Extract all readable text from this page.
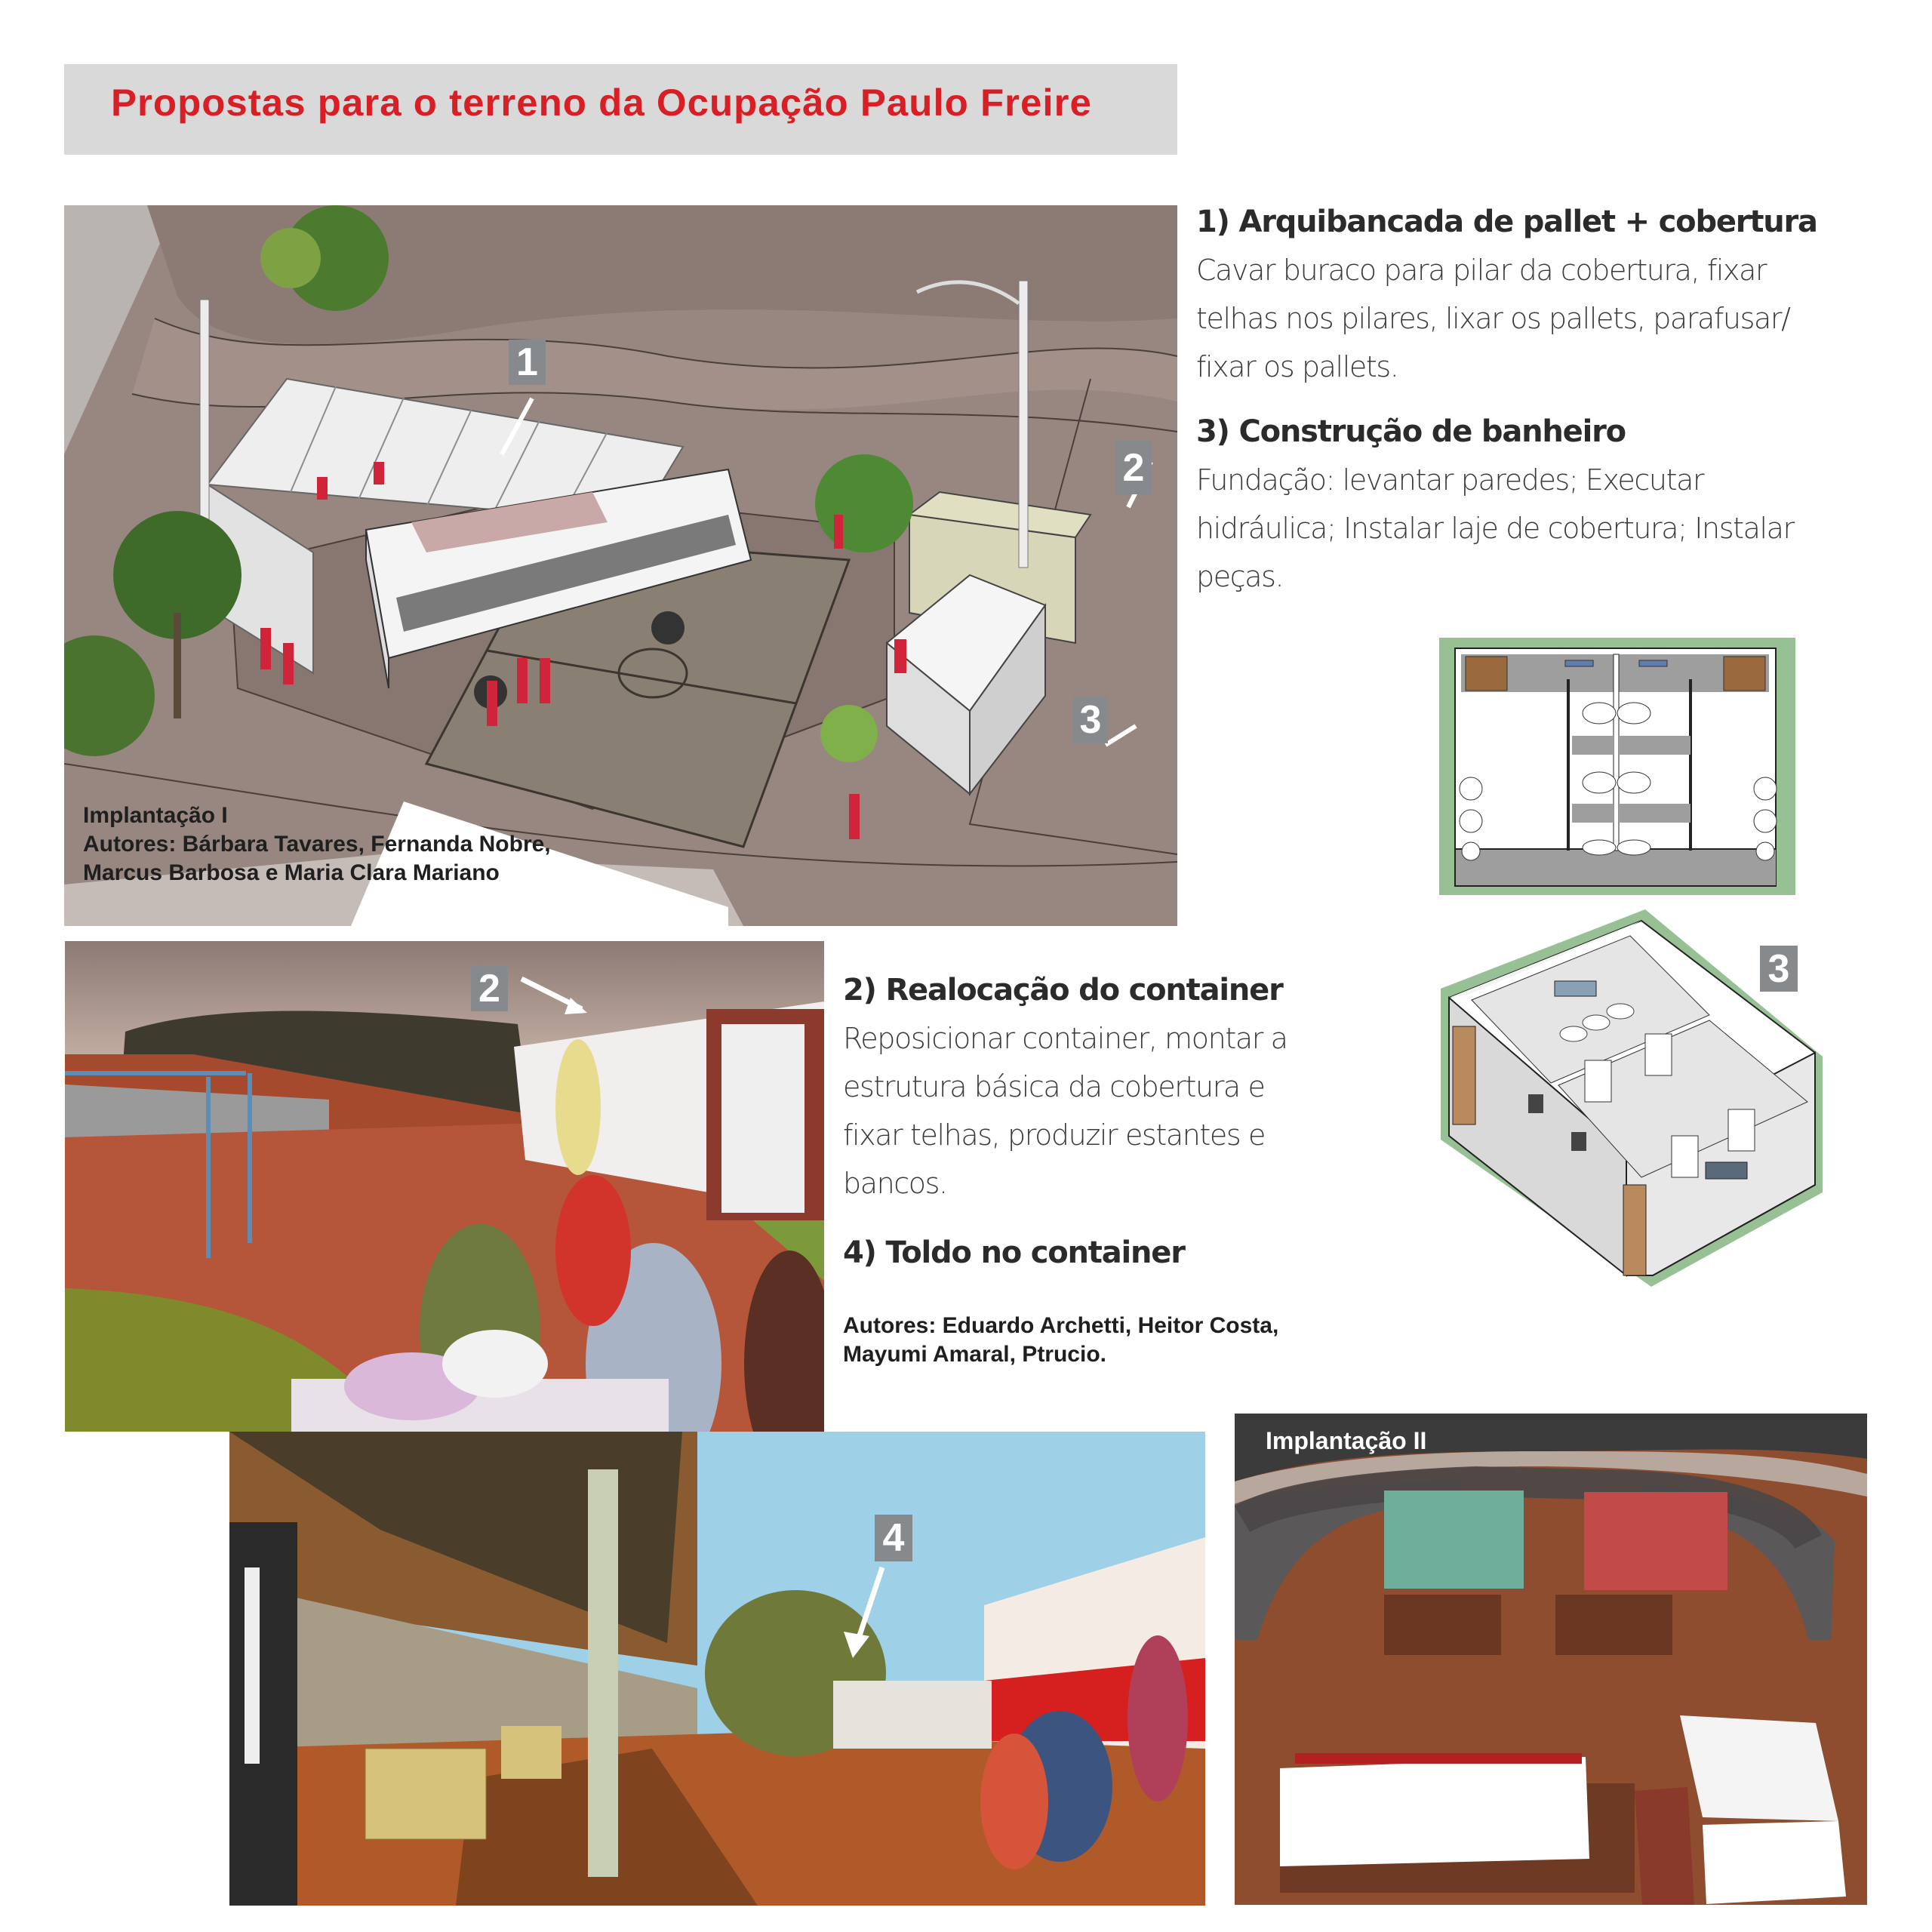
Propostas para o terreno da Ocupação Paulo Freire
1
2
3
Implantação I
Autores: Bárbara Tavares, Fernanda Nobre,
Marcus Barbosa e Maria Clara Mariano
1) Arquibancada de pallet + cobertura
Cavar buraco para pilar da cobertura, fixar
telhas nos pilares, lixar os pallets, parafusar/
fixar os pallets.
3) Construção de banheiro
Fundação: levantar paredes; Executar
hidráulica; Instalar laje de cobertura; Instalar
peças.
3
2	2) Realocação do container
Reposicionar container, montar a
estrutura básica da cobertura e
fixar telhas, produzir estantes e
bancos.
4) Toldo no container
Autores: Eduardo Archetti, Heitor Costa,
Mayumi Amaral, Ptrucio.
4
Implantação II
